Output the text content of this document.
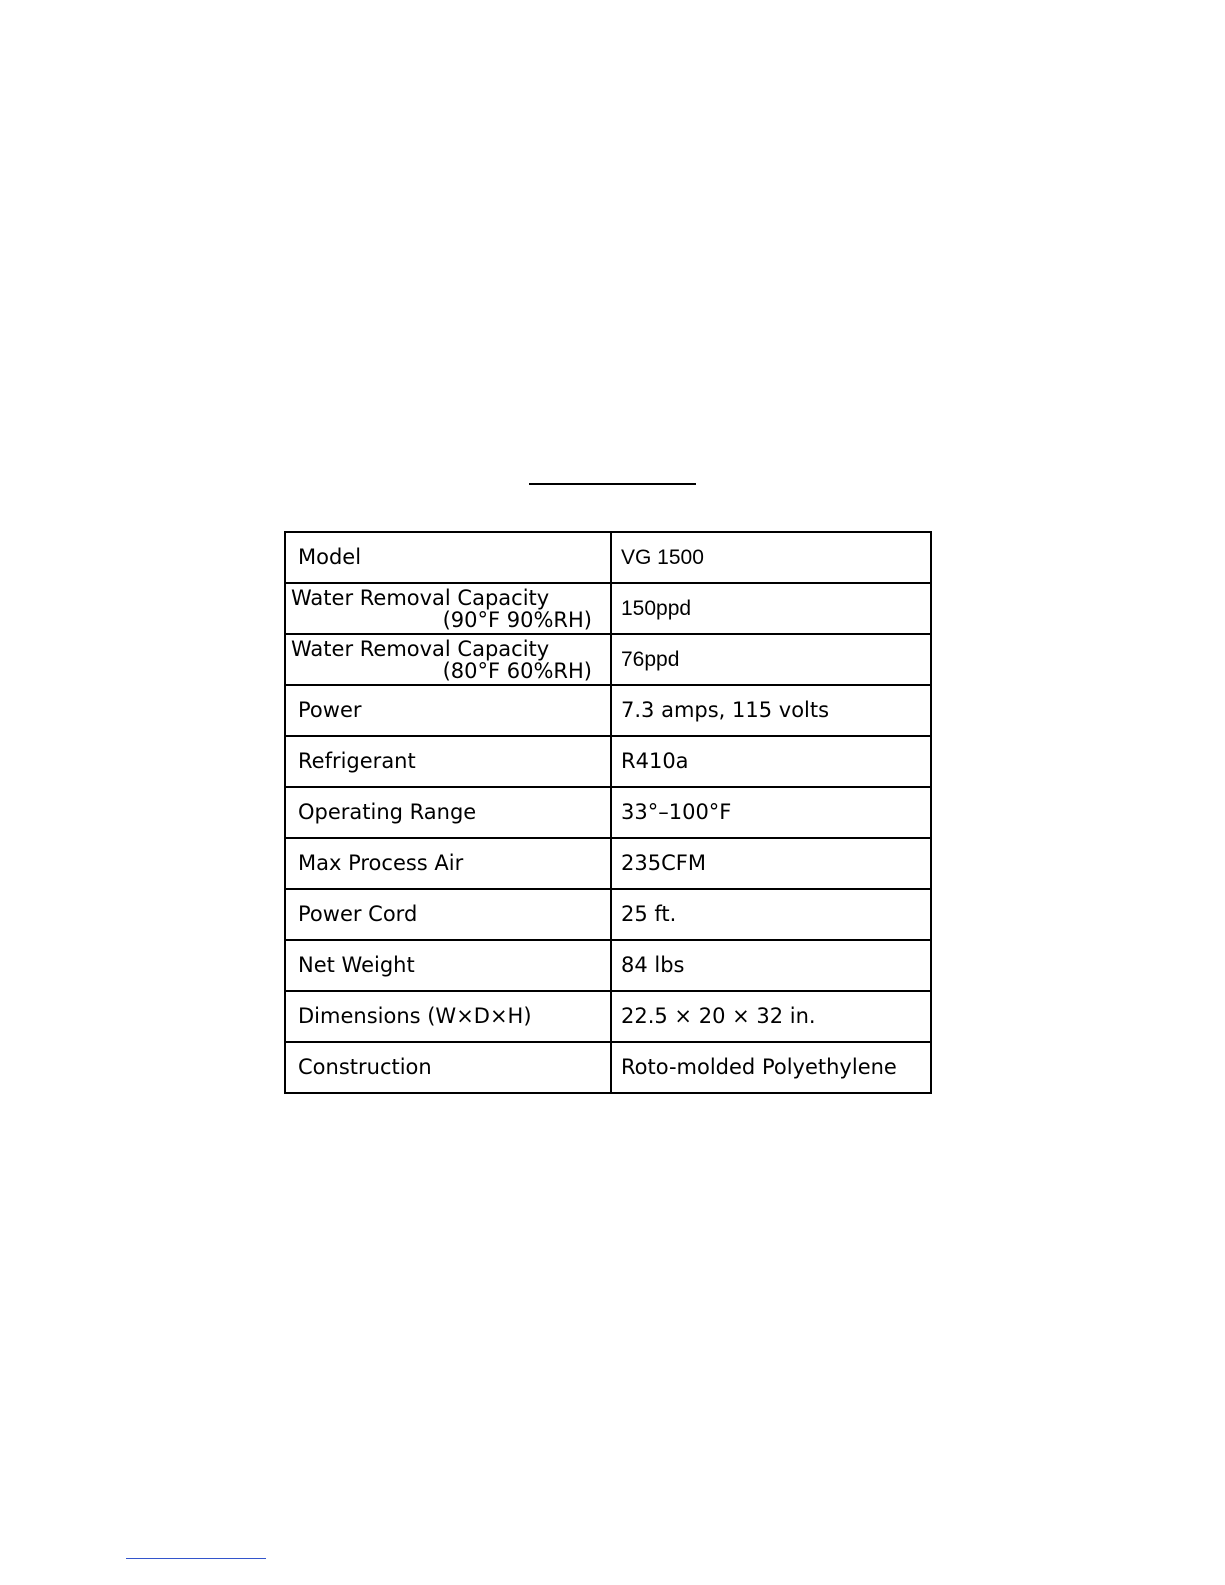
Model	VG 1500

Water Removal Capacity
(90°F 90%RH)	150ppd

Water Removal Capacity
(80°F 60%RH)	76ppd
Power	7.3 amps, 115 volts
Refrigerant	R410a
Operating Range	33°–100°F
Max Process Air	235CFM
Power Cord	25 ft.
Net Weight	84 lbs
Dimensions (W×D×H)	22.5 × 20 × 32 in.
Construction	Roto-molded Polyethylene
